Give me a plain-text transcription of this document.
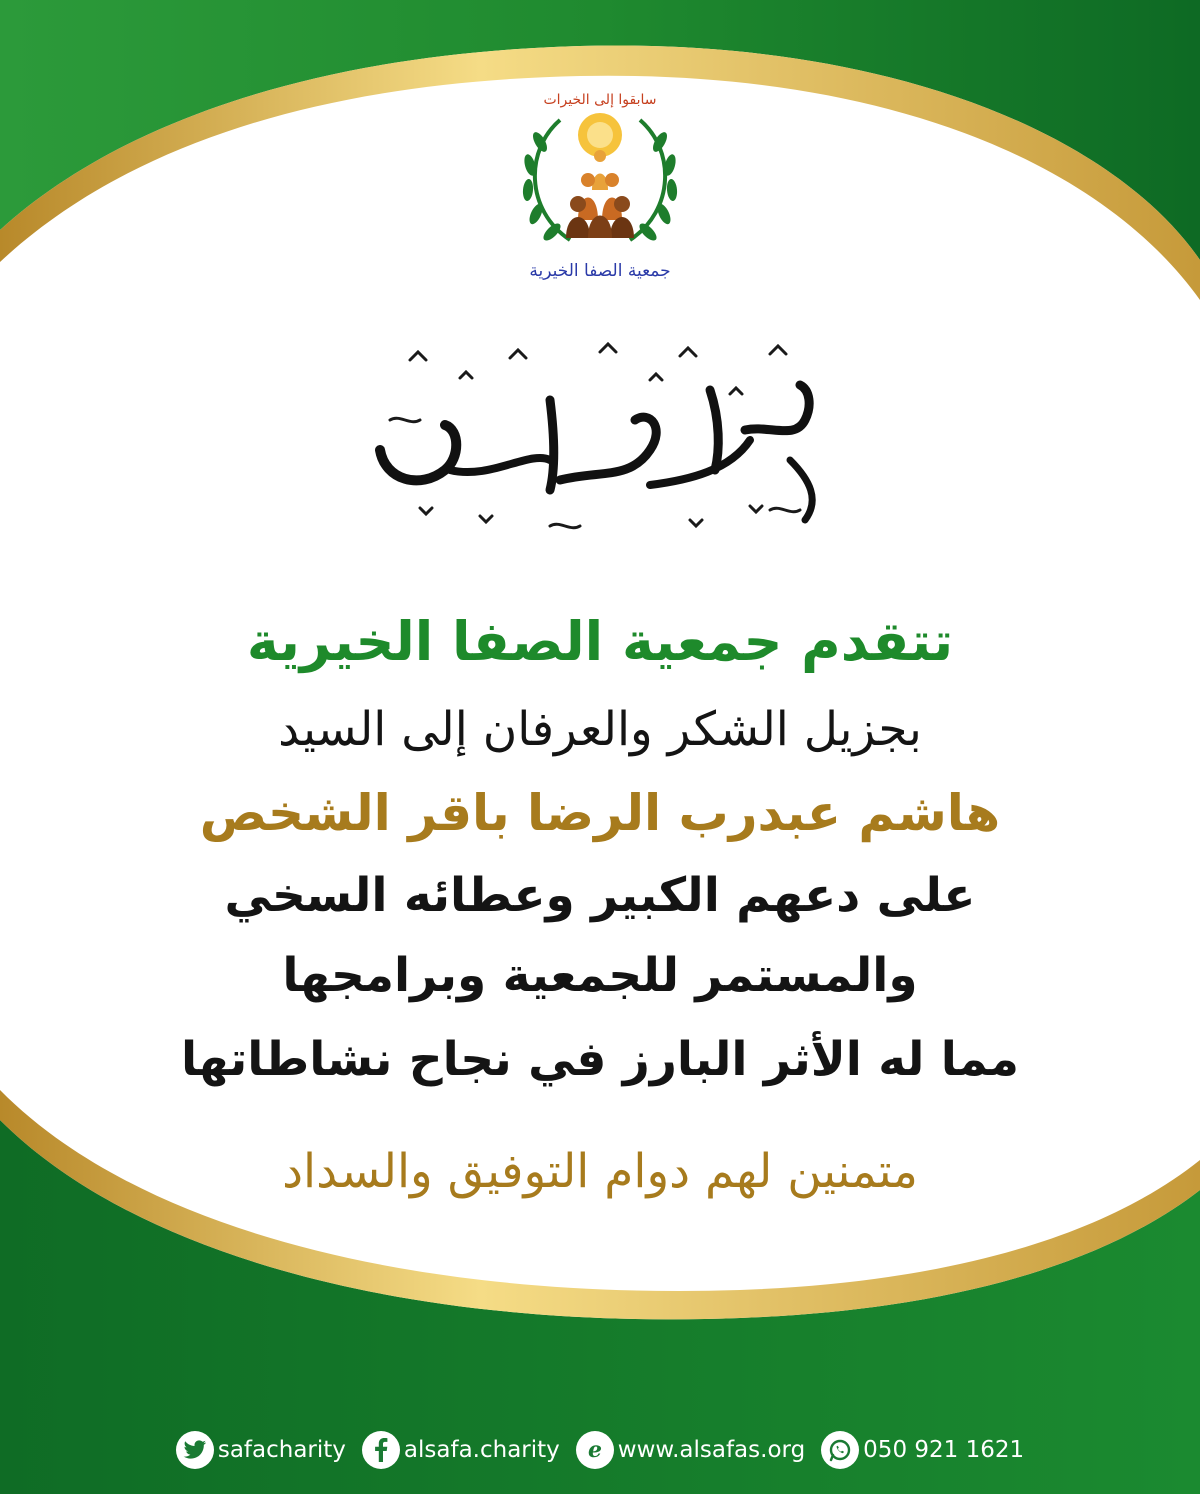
سابقوا إلى الخيرات
جمعية الصفا الخيرية
شكر وتقدير
تتقدم جمعية الصفا الخيرية
بجزيل الشكر والعرفان إلى السيد
هاشم عبدرب الرضا باقر الشخص
على دعهم الكبير وعطائه السخي
والمستمر للجمعية وبرامجها
مما له الأثر البارز في نجاح نشاطاتها
متمنين لهم دوام التوفيق والسداد
safacharity	alsafa.charity e www.alsafas.org	050 921 1621
